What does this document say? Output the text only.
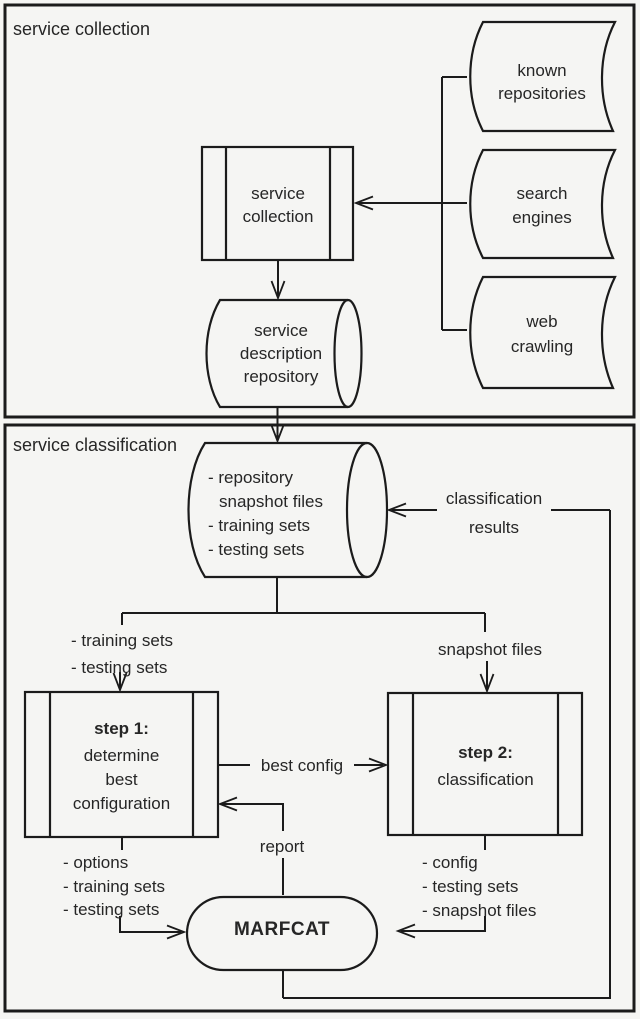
service collection
service classification
service
collection
known
repositories
search
engines
web
crawling
service
description
repository
- repository
snapshot files
- training sets
- testing sets
classification
results
- training sets
- testing sets
snapshot files
step 1:
determine
best
configuration
step 2:
classification
best config
report
- options
- training sets
- testing sets
- config
- testing sets
- snapshot files
MARFCAT
